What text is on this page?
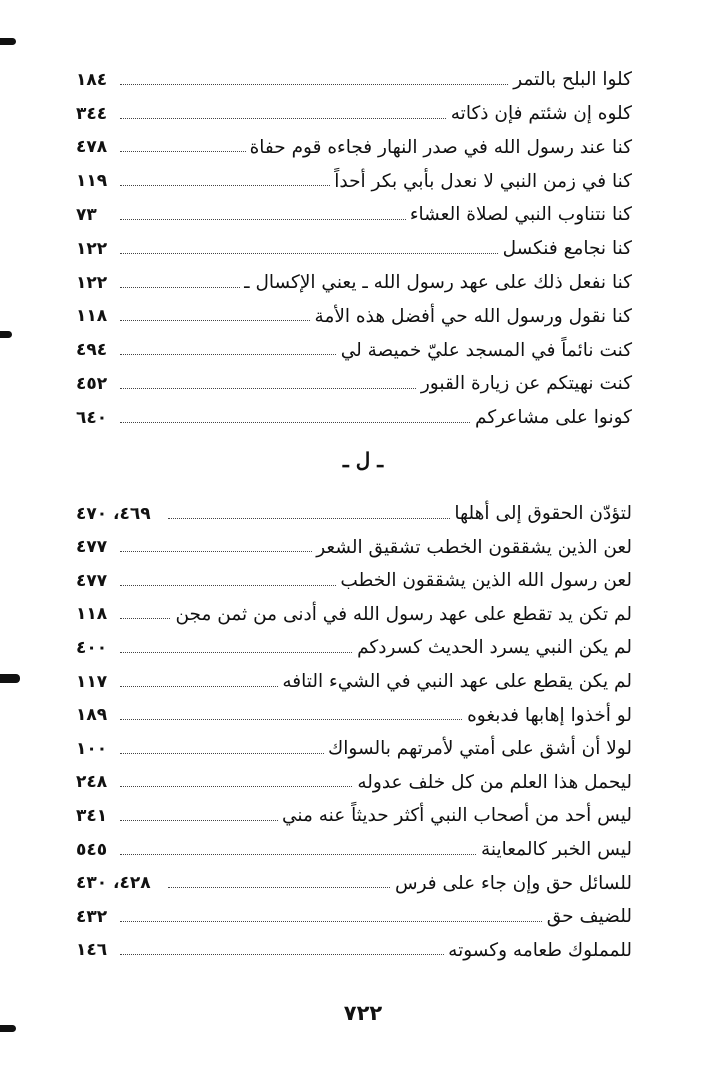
١٨٤	كلوا البلح بالتمر
٣٤٤	كلوه إن شئتم فإن ذكاته
٤٧٨	كنا عند رسول الله في صدر النهار فجاءه قوم حفاة
١١٩	كنا في زمن النبي لا نعدل بأبي بكر أحداً
٧٣	كنا نتناوب النبي لصلاة العشاء
١٢٢	كنا نجامع فنكسل
١٢٢	كنا نفعل ذلك على عهد رسول الله ـ يعني الإكسال ـ
١١٨	كنا نقول ورسول الله حي أفضل هذه الأمة
٤٩٤	كنت نائماً في المسجد عليّ خميصة لي
٤٥٢	كنت نهيتكم عن زيارة القبور
٦٤٠	كونوا على مشاعركم
ـ ل ـ
٤٦٩، ٤٧٠	لتؤدّن الحقوق إلى أهلها
٤٧٧	لعن الذين يشققون الخطب تشقيق الشعر
٤٧٧	لعن رسول الله الذين يشققون الخطب
١١٨	لم تكن يد تقطع على عهد رسول الله في أدنى من ثمن مجن
٤٠٠	لم يكن النبي يسرد الحديث كسردكم
١١٧	لم يكن يقطع على عهد النبي في الشيء التافه
١٨٩	لو أخذوا إهابها فدبغوه
١٠٠	لولا أن أشق على أمتي لأمرتهم بالسواك
٢٤٨	ليحمل هذا العلم من كل خلف عدوله
٣٤١	ليس أحد من أصحاب النبي أكثر حديثاً عنه مني
٥٤٥	ليس الخبر كالمعاينة
٤٢٨، ٤٣٠	للسائل حق وإن جاء على فرس
٤٣٢	للضيف حق
١٤٦	للمملوك طعامه وكسوته
٧٢٢
